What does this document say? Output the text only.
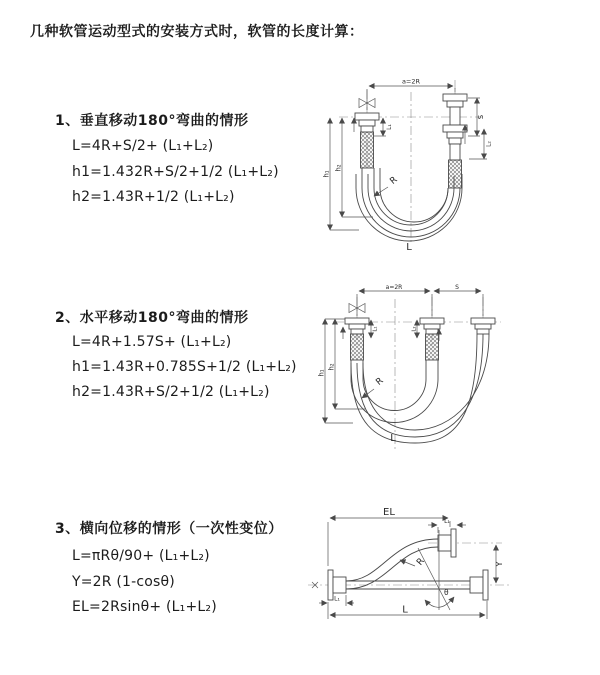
几种软管运动型式的安装方式时，软管的长度计算：
1、垂直移动180°弯曲的情形
L=4R+S/2+ (L₁+L₂)
h1=1.432R+S/2+1/2 (L₁+L₂)
h2=1.43R+1/2 (L₁+L₂)
2、水平移动180°弯曲的情形
L=4R+1.57S+ (L₁+L₂)
h1=1.43R+0.785S+1/2 (L₁+L₂)
h2=1.43R+S/2+1/2 (L₁+L₂)
3、横向位移的情形（一次性变位）
L=πRθ/90+ (L₁+L₂)
Y=2R (1-cosθ)
EL=2Rsinθ+ (L₁+L₂)
a=2R
h₁
h₂
L₁
S
L₂
R
L
a=2R	S
h₁
h₂
L₁	L₂
R
L
EL
L₁
Y
L
L₁
R
θ
